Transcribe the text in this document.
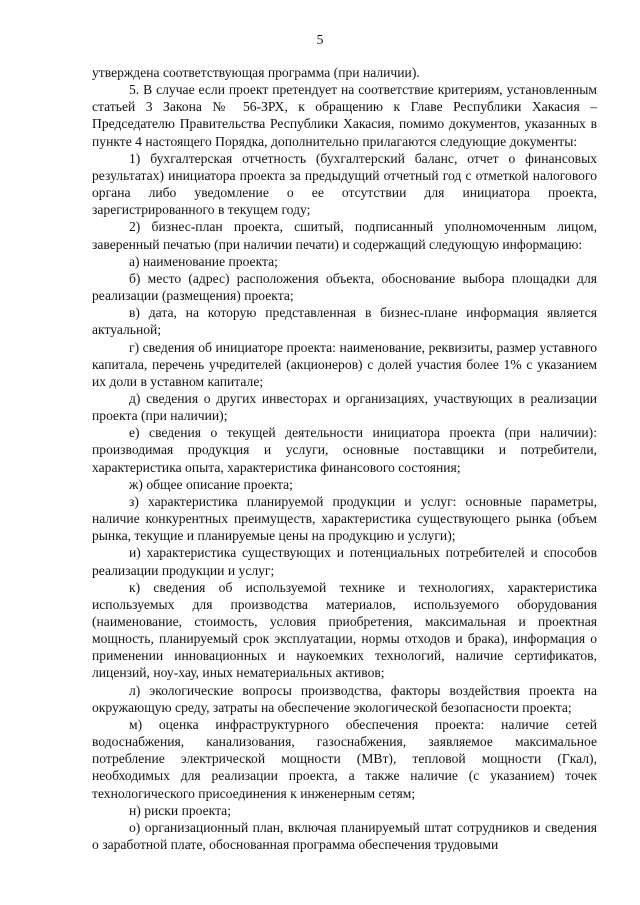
5

утверждена соответствующая программа (при наличии).

5. В случае если проект претендует на соответствие критериям, установленным статьей 3 Закона № 56-ЗРХ, к обращению к Главе Республики Хакасия – Председателю Правительства Республики Хакасия, помимо документов, указанных в пункте 4 настоящего Порядка, дополнительно прилагаются следующие документы:

1) бухгалтерская отчетность (бухгалтерский баланс, отчет о финансовых результатах) инициатора проекта за предыдущий отчетный год с отметкой налогового органа либо уведомление о ее отсутствии для инициатора проекта, зарегистрированного в текущем году;

2) бизнес-план проекта, сшитый, подписанный уполномоченным лицом, заверенный печатью (при наличии печати) и содержащий следующую информацию:

а) наименование проекта;

б) место (адрес) расположения объекта, обоснование выбора площадки для реализации (размещения) проекта;

в) дата, на которую представленная в бизнес-плане информация является актуальной;

г) сведения об инициаторе проекта: наименование, реквизиты, размер уставного капитала, перечень учредителей (акционеров) с долей участия более 1% с указанием их доли в уставном капитале;

д) сведения о других инвесторах и организациях, участвующих в реализации проекта (при наличии);

е) сведения о текущей деятельности инициатора проекта (при наличии): производимая продукция и услуги, основные поставщики и потребители, характеристика опыта, характеристика финансового состояния;

ж) общее описание проекта;

з) характеристика планируемой продукции и услуг: основные параметры, наличие конкурентных преимуществ, характеристика существующего рынка (объем рынка, текущие и планируемые цены на продукцию и услуги);

и) характеристика существующих и потенциальных потребителей и способов реализации продукции и услуг;

к) сведения об используемой технике и технологиях, характеристика используемых для производства материалов, используемого оборудования (наименование, стоимость, условия приобретения, максимальная и проектная мощность, планируемый срок эксплуатации, нормы отходов и брака), информация о применении инновационных и наукоемких технологий, наличие сертификатов, лицензий, ноу-хау, иных нематериальных активов;

л) экологические вопросы производства, факторы воздействия проекта на окружающую среду, затраты на обеспечение экологической безопасности проекта;

м) оценка инфраструктурного обеспечения проекта: наличие сетей водоснабжения, канализования, газоснабжения, заявляемое максимальное потребление электрической мощности (МВт), тепловой мощности (Гкал), необходимых для реализации проекта, а также наличие (с указанием) точек технологического присоединения к инженерным сетям;

н) риски проекта;

о) организационный план, включая планируемый штат сотрудников и сведения о заработной плате, обоснованная программа обеспечения трудовыми
